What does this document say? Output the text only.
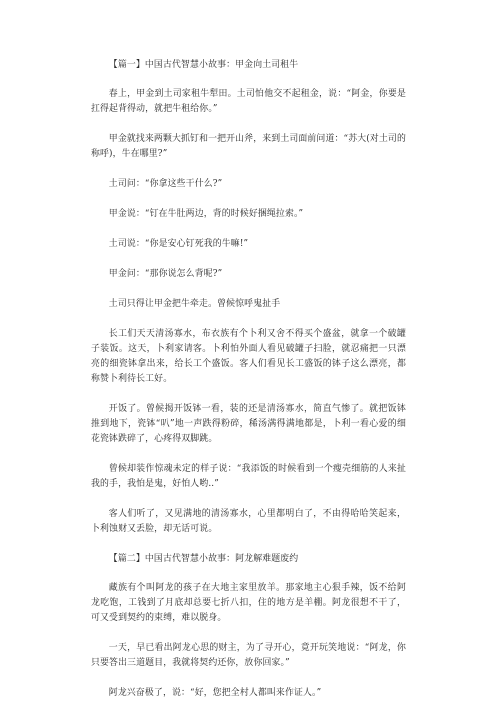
【篇一】中国古代智慧小故事：甲金向土司租牛

春上，甲金到土司家租牛犁田。土司怕他交不起租金，说：“阿金，你要是扛得起背得动，就把牛租给你。”

甲金就找来两颗大抓钉和一把开山斧，来到土司面前问道：“苏大(对土司的称呼)，牛在哪里?”

土司问：“你拿这些干什么?”

甲金说：“钉在牛肚两边，背的时候好捆绳拉索。”

土司说：“你是安心钉死我的牛嘛!”

甲金问：“那你说怎么背呢?”

土司只得让甲金把牛牵走。曾候惊呼鬼扯手

长工们天天清汤寡水，布衣族有个卜利又舍不得买个盛盆，就拿一个破罐子装饭。这天，卜利家请客。卜利怕外面人看见破罐子扫脸，就忍痛把一只漂亮的细瓷钵拿出来，给长工个盛饭。客人们看见长工盛饭的钵子这么漂亮，都称赞卜利待长工好。

开饭了。曾候揭开饭钵一看，装的还是清汤寡水，简直气惨了。就把饭钵推到地下，瓷钵“叭”地一声跌得粉碎，稀汤满得满地都是，卜利一看心爱的细花瓷钵跌碎了，心疼得双脚跳。

曾候却装作惊魂未定的样子说：“我添饭的时候看到一个瘦壳细筋的人来扯我的手，我怕是鬼，好怕人哟..”

客人们听了，又见满地的清汤寡水，心里都明白了，不由得哈哈笑起来，卜利蚀财又丢脸，却无话可说。

【篇二】中国古代智慧小故事：阿龙解难题废约

藏族有个叫阿龙的孩子在大地主家里放羊。那家地主心狠手辣，饭不给阿龙吃饱，工钱到了月底却总要七折八扣，住的地方是羊棚。阿龙很想不干了，可又受到契约的束缚，难以脱身。

一天，早已看出阿龙心思的财主，为了寻开心，竟开玩笑地说：“阿龙，你只要答出三道题目，我就将契约还你，放你回家。”

阿龙兴奋极了，说：“好，您把全村人都叫来作证人。”
